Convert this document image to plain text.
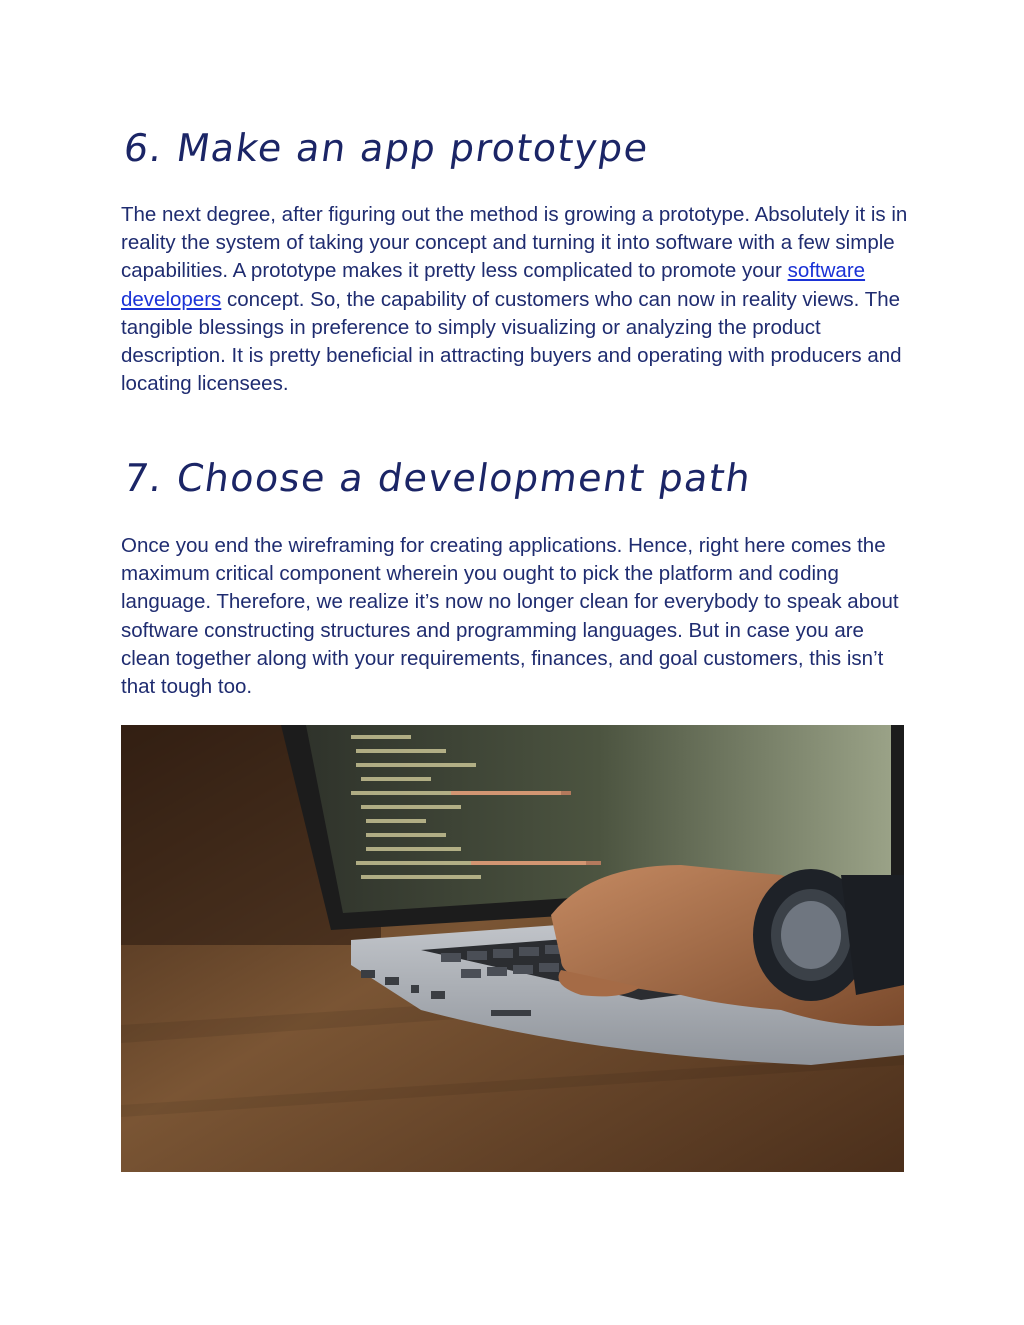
6. Make an app prototype

The next degree, after figuring out the method is growing a prototype. Absolutely it is in reality the system of taking your concept and turning it into software with a few simple capabilities. A prototype makes it pretty less complicated to promote your software developers concept. So, the capability of customers who can now in reality views. The tangible blessings in preference to simply visualizing or analyzing the product description. It is pretty beneficial in attracting buyers and operating with producers and locating licensees.

7. Choose a development path

Once you end the wireframing for creating applications. Hence, right here comes the maximum critical component wherein you ought to pick the platform and coding language. Therefore, we realize it’s now no longer clean for everybody to speak about software constructing structures and programming languages. But in case you are clean together along with your requirements, finances, and goal customers, this isn’t that tough too.
